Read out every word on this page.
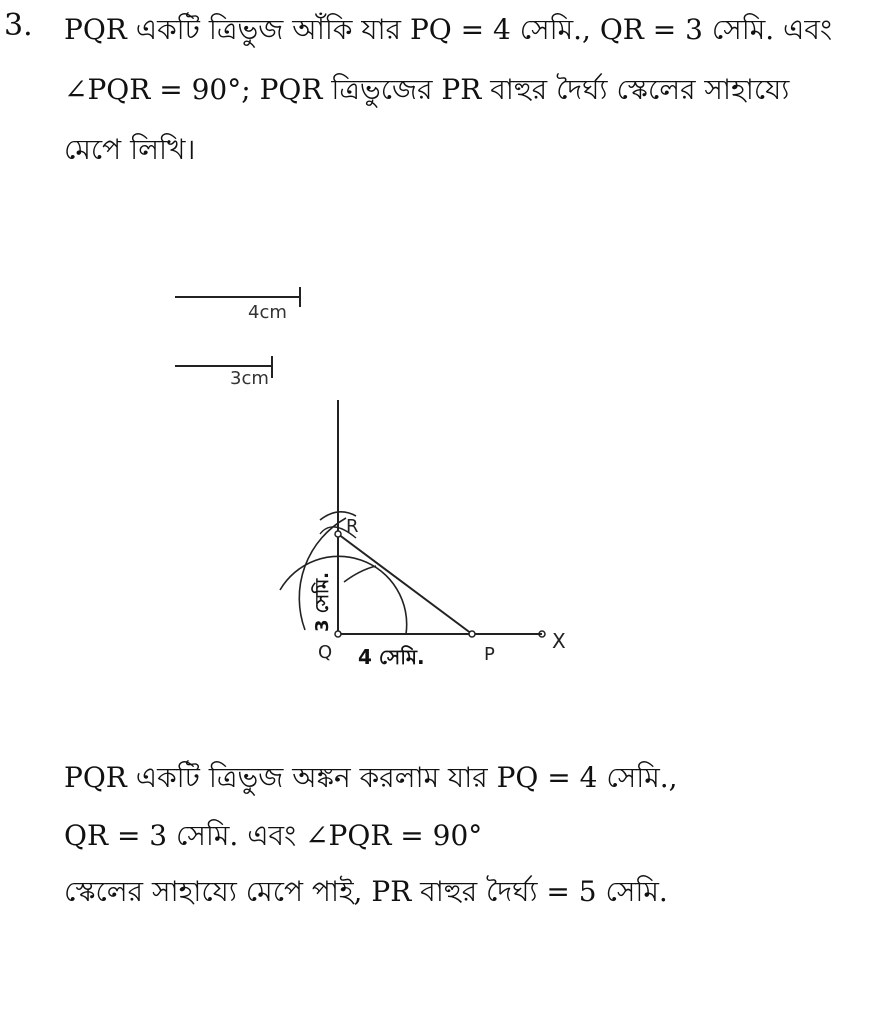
3. PQR একটি ত্রিভুজ আঁকি যার PQ = 4 সেমি., QR = 3 সেমি. এবং
∠PQR = 90°; PQR ত্রিভুজের PR বাহুর দৈর্ঘ্য স্কেলের সাহায্যে
মেপে লিখি।
4cm
3cm
R
Q	P
X
4 সেমি.
3 সেমি.
PQR একটি ত্রিভুজ অঙ্কন করলাম যার PQ = 4 সেমি.,
QR = 3 সেমি. এবং ∠PQR = 90°
স্কেলের সাহায্যে মেপে পাই, PR বাহুর দৈর্ঘ্য = 5 সেমি.
